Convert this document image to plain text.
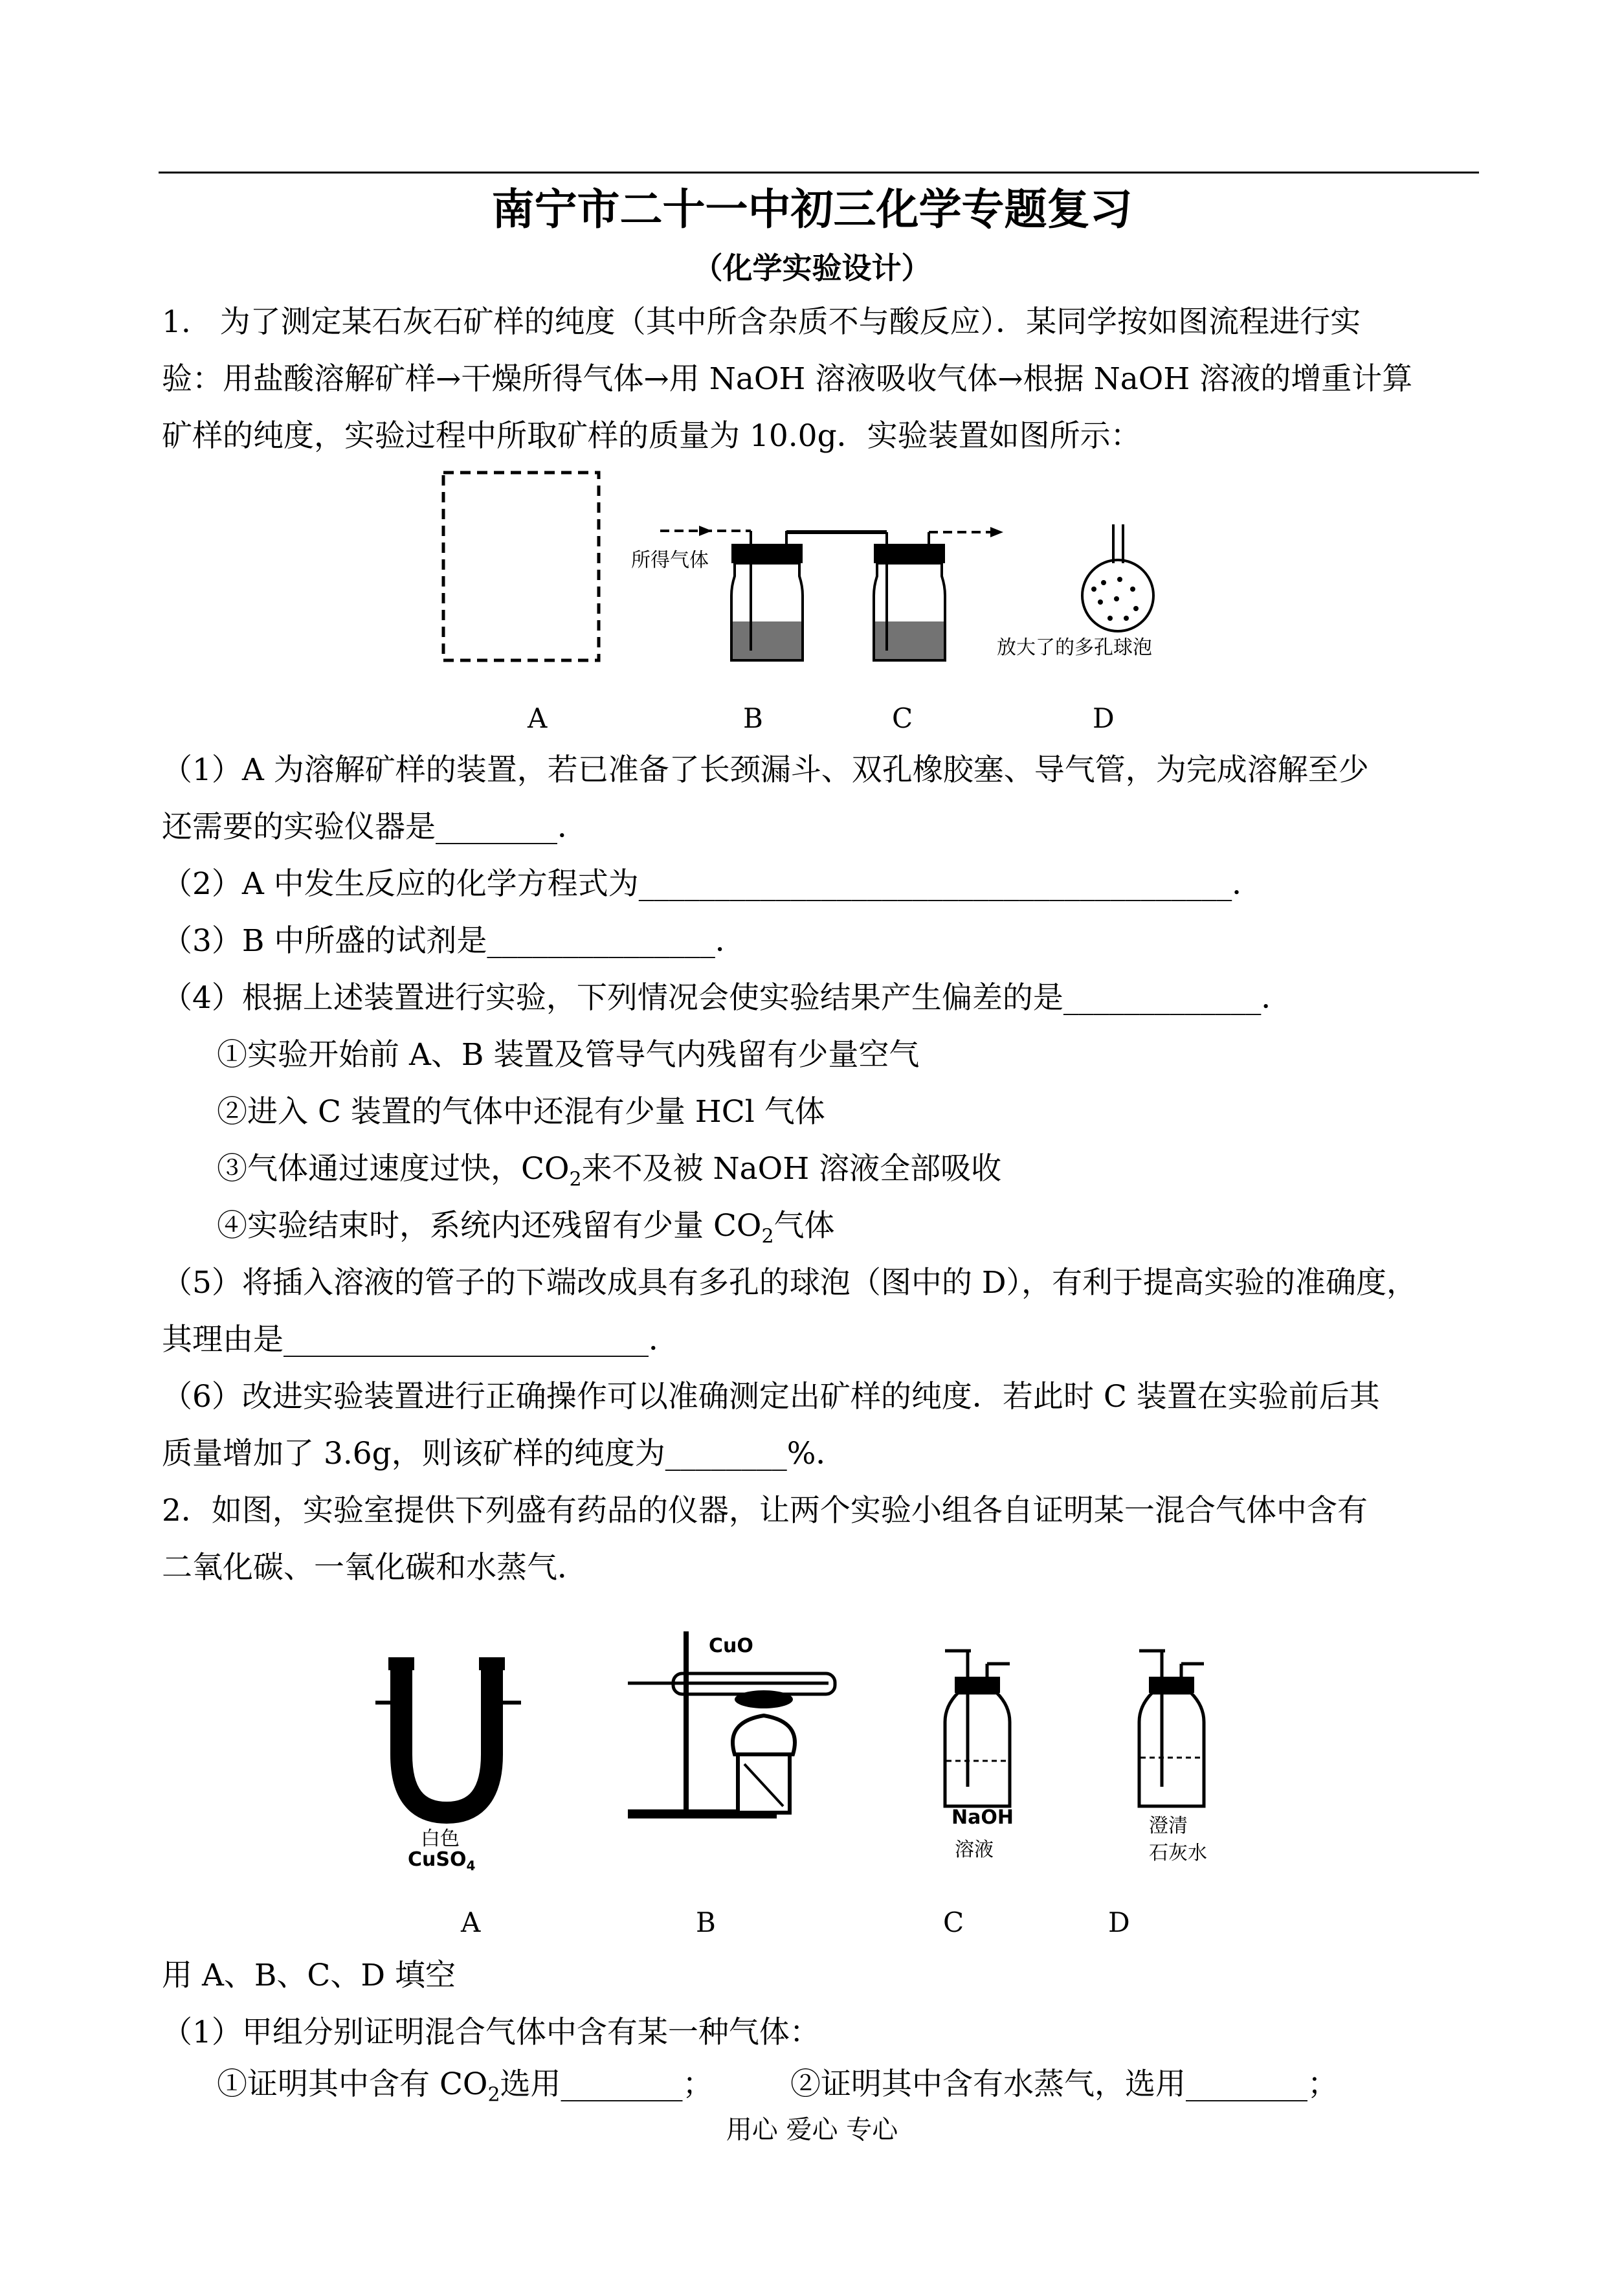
南宁市二十一中初三化学专题复习
（化学实验设计）
1.   为了测定某石灰石矿样的纯度（其中所含杂质不与酸反应）．某同学按如图流程进行实
验：用盐酸溶解矿样→干燥所得气体→用 NaOH 溶液吸收气体→根据 NaOH 溶液的增重计算
矿样的纯度，实验过程中所取矿样的质量为 10.0g．实验装置如图所示：
所得气体
放大了的多孔球泡
A	B	C	D
（1）A 为溶解矿样的装置，若已准备了长颈漏斗、双孔橡胶塞、导气管，为完成溶解至少
还需要的实验仪器是________．
（2）A 中发生反应的化学方程式为_______________________________________．
（3）B 中所盛的试剂是_______________．
（4）根据上述装置进行实验，下列情况会使实验结果产生偏差的是_____________．
①实验开始前 A、B 装置及管导气内残留有少量空气
②进入 C 装置的气体中还混有少量 HCl 气体
③气体通过速度过快，$CO_2$来不及被 NaOH 溶液全部吸收
④实验结束时，系统内还残留有少量 $CO_2$气体
（5）将插入溶液的管子的下端改成具有多孔的球泡（图中的 D），有利于提高实验的准确度，
其理由是________________________．
（6）改进实验装置进行正确操作可以准确测定出矿样的纯度．若此时 C 装置在实验前后其
质量增加了 3.6g，则该矿样的纯度为________%．
2．如图，实验室提供下列盛有药品的仪器，让两个实验小组各自证明某一混合气体中含有
二氧化碳、一氧化碳和水蒸气．
CuO
白色
CuSO$_4$
NaOH
溶液
澄清
石灰水
A	B	C	D
用 A、B、C、D 填空
（1）甲组分别证明混合气体中含有某一种气体：
①证明其中含有 $CO_2$选用________；        ②证明其中含有水蒸气，选用________；
用心 爱心 专心
